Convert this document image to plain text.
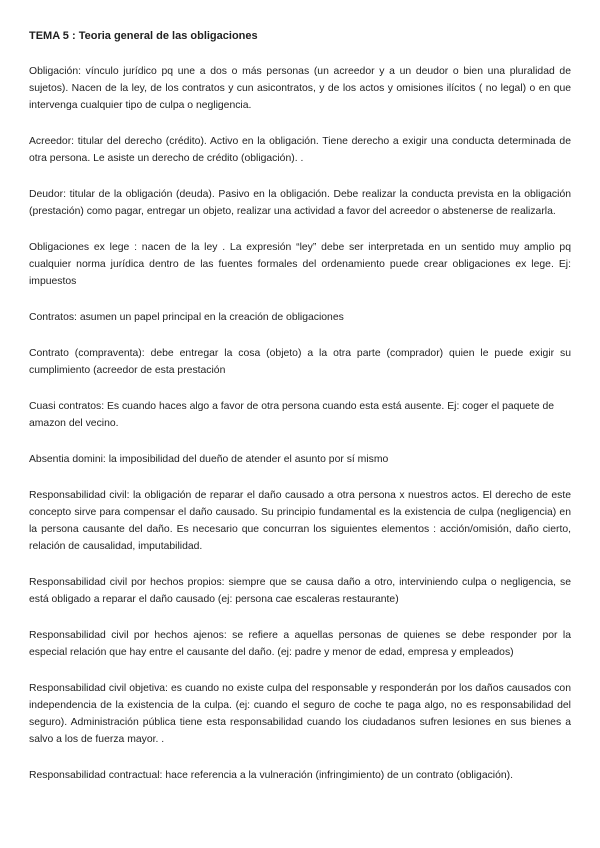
TEMA 5 : Teoria general de las obligaciones

Obligación: vínculo jurídico pq une a dos o más personas (un acreedor y a un deudor o bien una pluralidad de sujetos). Nacen de la ley, de los contratos y cun asicontratos, y de los actos y omisiones ilícitos ( no legal) o en que intervenga cualquier tipo de culpa o negligencia.

Acreedor: titular del derecho (crédito). Activo en la obligación. Tiene derecho a exigir una conducta determinada de otra persona. Le asiste un derecho de crédito (obligación). .

Deudor: titular de la obligación (deuda). Pasivo en la obligación. Debe realizar la conducta prevista en la obligación (prestación) como pagar, entregar un objeto, realizar una actividad a favor del acreedor o abstenerse de realizarla.

Obligaciones ex lege : nacen de la ley . La expresión “ley” debe ser interpretada en un sentido muy amplio pq cualquier norma jurídica dentro de las fuentes formales del ordenamiento puede crear obligaciones ex lege. Ej: impuestos

Contratos: asumen un papel principal en la creación de obligaciones

Contrato (compraventa): debe entregar la cosa (objeto) a la otra parte (comprador) quien le puede exigir su cumplimiento (acreedor de esta prestación

Cuasi contratos: Es cuando haces algo a favor de otra persona cuando esta está ausente. Ej: coger el paquete de amazon del vecino.

Absentia domini: la imposibilidad del dueño de atender el asunto por sí mismo

Responsabilidad civil: la obligación de reparar el daño causado a otra persona x nuestros actos. El derecho de este concepto sirve para compensar el daño causado. Su principio fundamental es la existencia de culpa (negligencia) en la persona causante del daño. Es necesario que concurran los siguientes elementos : acción/omisión, daño cierto, relación de causalidad, imputabilidad.

Responsabilidad civil por hechos propios: siempre que se causa daño a otro, interviniendo culpa o negligencia, se está obligado a reparar el daño causado (ej: persona cae escaleras restaurante)

Responsabilidad civil por hechos ajenos: se refiere a aquellas personas de quienes se debe responder por la especial relación que hay entre el causante del daño. (ej: padre y menor de edad, empresa y empleados)

Responsabilidad civil objetiva: es cuando no existe culpa del responsable y responderán por los daños causados con independencia de la existencia de la culpa. (ej: cuando el seguro de coche te paga algo, no es responsabilidad del seguro). Administración pública tiene esta responsabilidad cuando los ciudadanos sufren lesiones en sus bienes a salvo a los de fuerza mayor. .

Responsabilidad contractual: hace referencia a la vulneración (infringimiento) de un contrato (obligación).
